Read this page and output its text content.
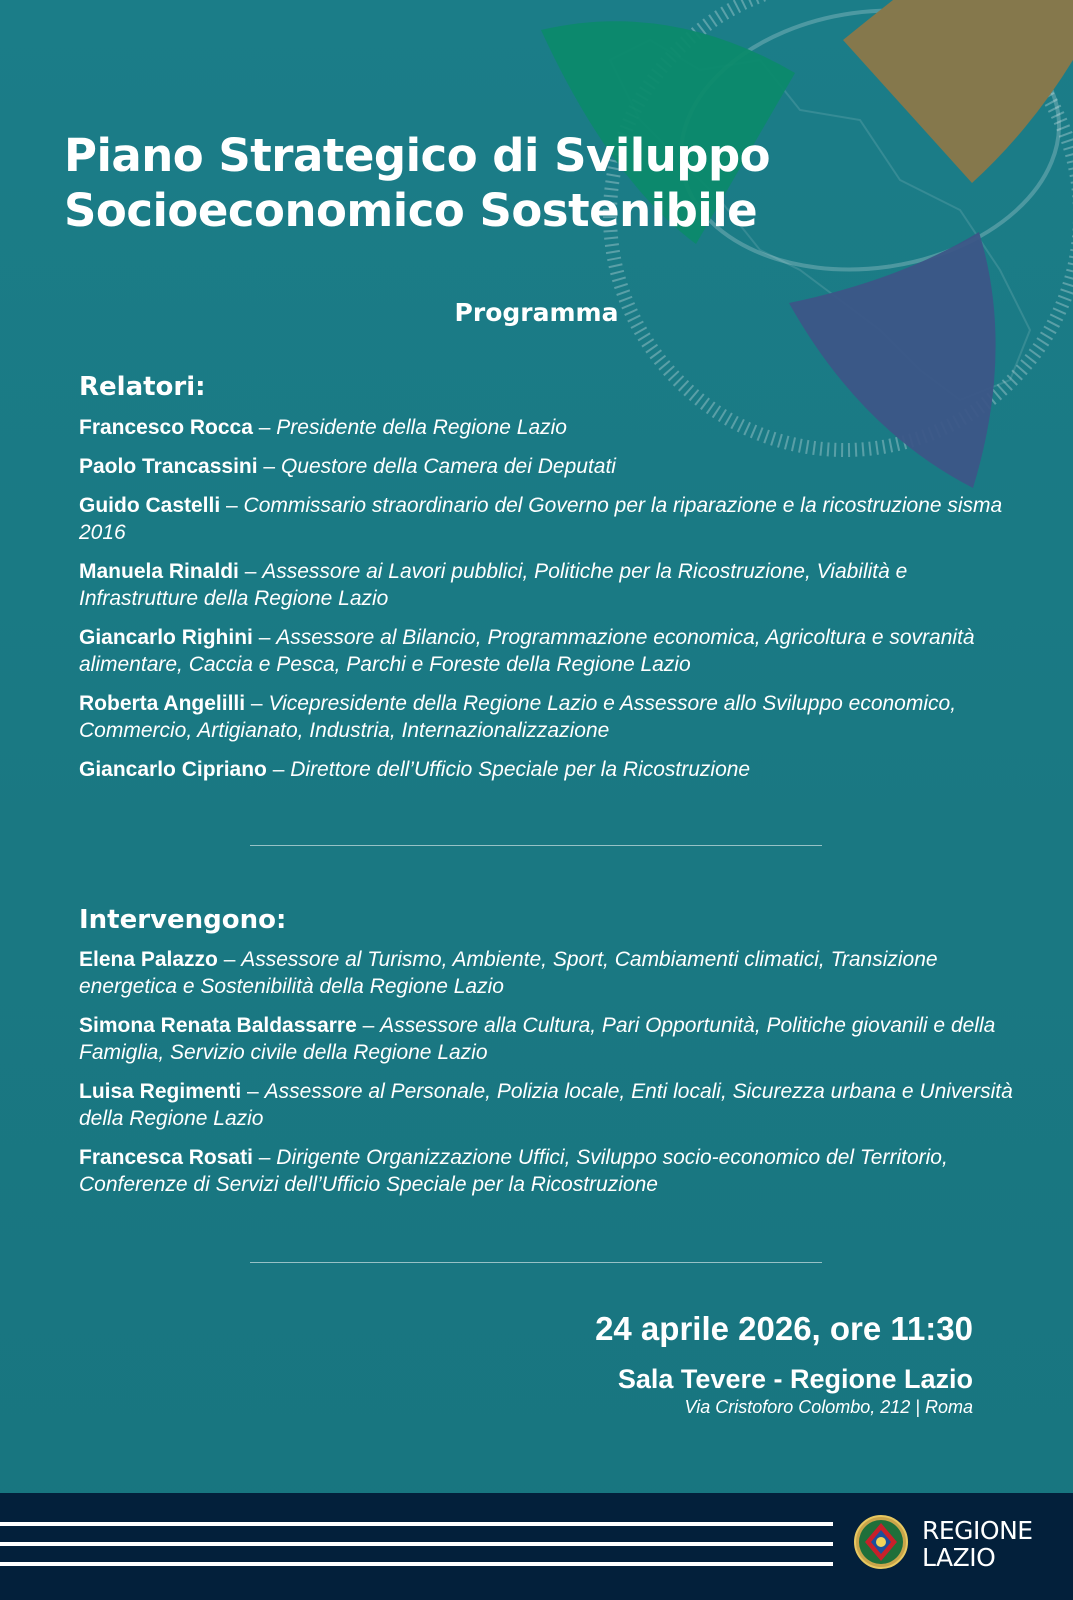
Piano Strategico di Sviluppo
Socioeconomico Sostenibile
Programma
Relatori:
Francesco Rocca – Presidente della Regione Lazio
Paolo Trancassini – Questore della Camera dei Deputati
Guido Castelli – Commissario straordinario del Governo per la riparazione e la ricostruzione sisma 2016
Manuela Rinaldi – Assessore ai Lavori pubblici, Politiche per la Ricostruzione, Viabilità e Infrastrutture della Regione Lazio
Giancarlo Righini – Assessore al Bilancio, Programmazione economica, Agricoltura e sovranità alimentare, Caccia e Pesca, Parchi e Foreste della Regione Lazio
Roberta Angelilli – Vicepresidente della Regione Lazio e Assessore allo Sviluppo economico, Commercio, Artigianato, Industria, Internazionalizzazione
Giancarlo Cipriano – Direttore dell’Ufficio Speciale per la Ricostruzione
Intervengono:
Elena Palazzo – Assessore al Turismo, Ambiente, Sport, Cambiamenti climatici, Transizione energetica e Sostenibilità della Regione Lazio
Simona Renata Baldassarre – Assessore alla Cultura, Pari Opportunità, Politiche giovanili e della Famiglia, Servizio civile della Regione Lazio
Luisa Regimenti – Assessore al Personale, Polizia locale, Enti locali, Sicurezza urbana e Università della Regione Lazio
Francesca Rosati – Dirigente Organizzazione Uffici, Sviluppo socio-economico del Territorio, Conferenze di Servizi dell’Ufficio Speciale per la Ricostruzione
24 aprile 2026, ore 11:30
Sala Tevere - Regione Lazio
Via Cristoforo Colombo, 212 | Roma
REGIONE
LAZIO
